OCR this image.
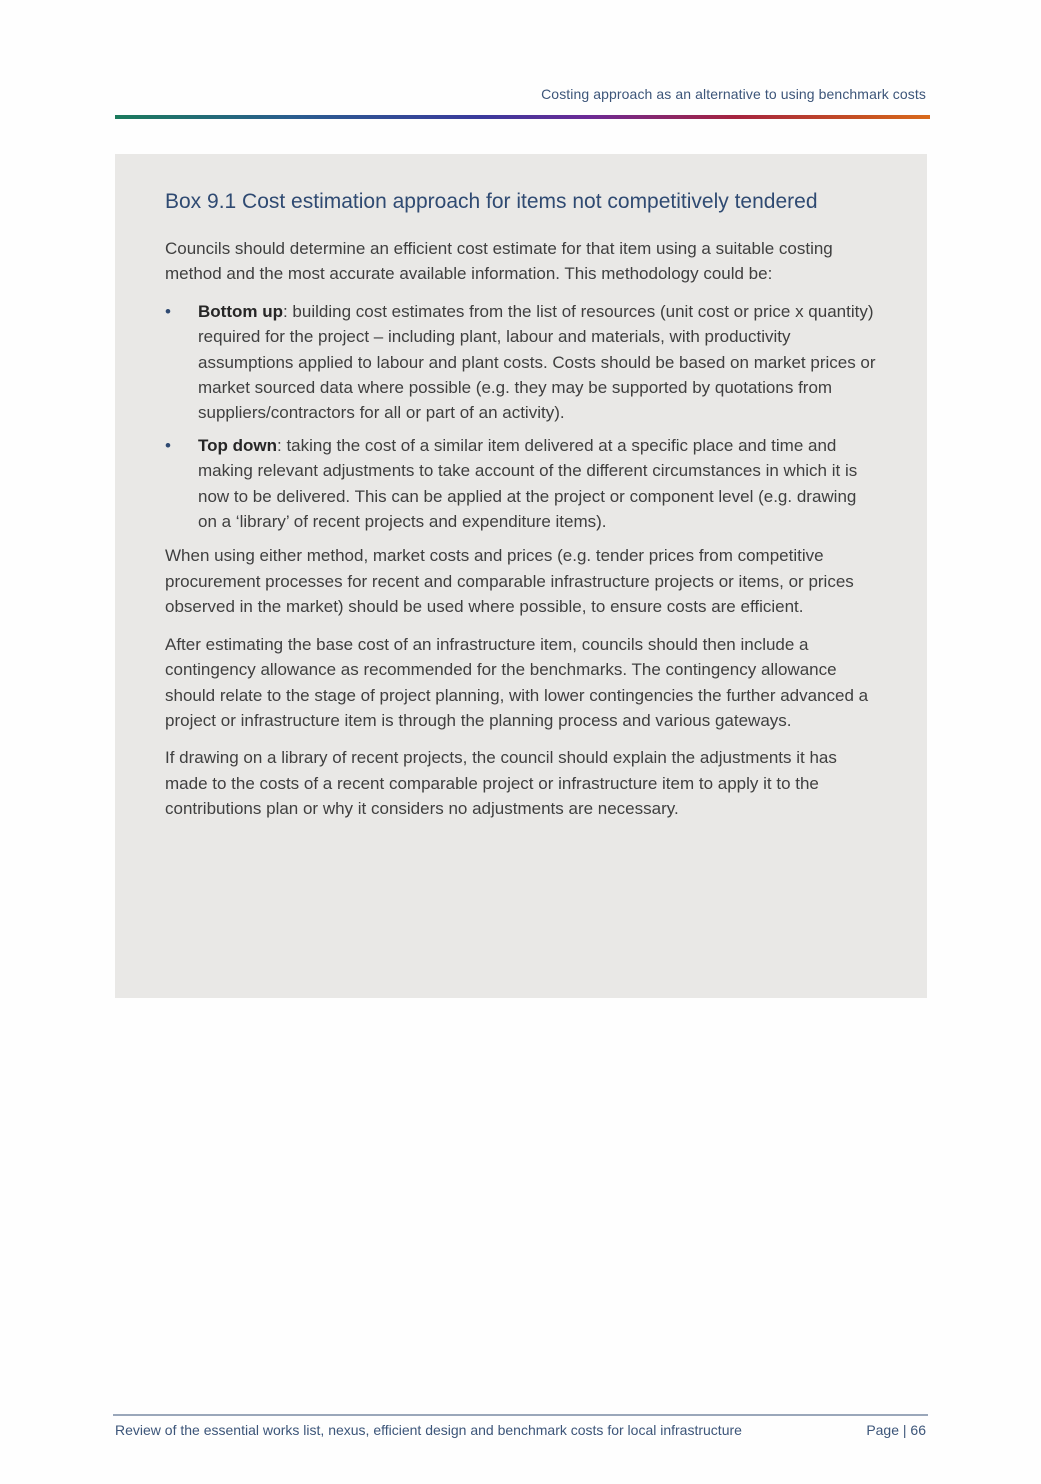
Costing approach as an alternative to using benchmark costs
Box 9.1 Cost estimation approach for items not competitively tendered

Councils should determine an efficient cost estimate for that item using a suitable costing method and the most accurate available information. This methodology could be:

• Bottom up: building cost estimates from the list of resources (unit cost or price x quantity) required for the project – including plant, labour and materials, with productivity assumptions applied to labour and plant costs. Costs should be based on market prices or market sourced data where possible (e.g. they may be supported by quotations from suppliers/contractors for all or part of an activity).
• Top down: taking the cost of a similar item delivered at a specific place and time and making relevant adjustments to take account of the different circumstances in which it is now to be delivered. This can be applied at the project or component level (e.g. drawing on a ‘library’ of recent projects and expenditure items).

When using either method, market costs and prices (e.g. tender prices from competitive procurement processes for recent and comparable infrastructure projects or items, or prices observed in the market) should be used where possible, to ensure costs are efficient.

After estimating the base cost of an infrastructure item, councils should then include a contingency allowance as recommended for the benchmarks. The contingency allowance should relate to the stage of project planning, with lower contingencies the further advanced a project or infrastructure item is through the planning process and various gateways.

If drawing on a library of recent projects, the council should explain the adjustments it has made to the costs of a recent comparable project or infrastructure item to apply it to the contributions plan or why it considers no adjustments are necessary.

Review of the essential works list, nexus, efficient design and benchmark costs for local infrastructure	Page | 66
